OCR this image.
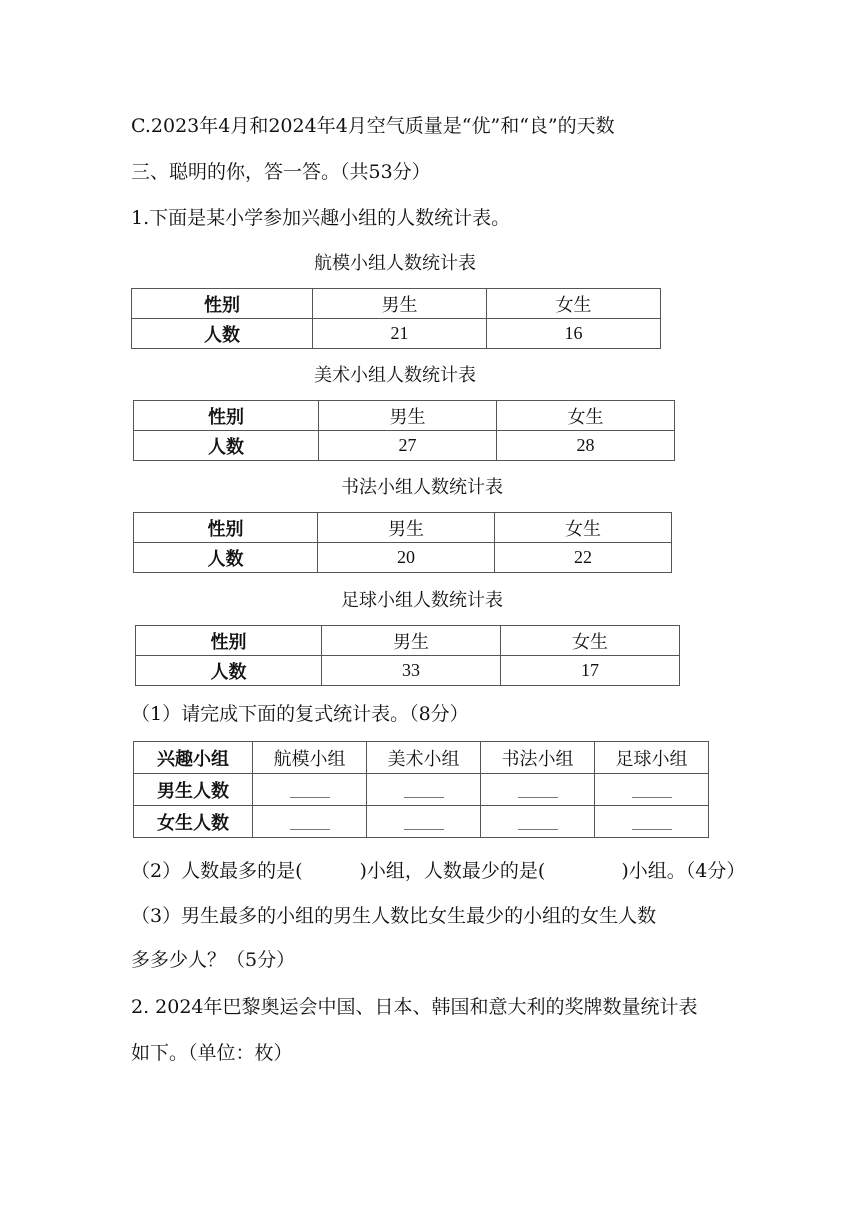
C.2023年4月和2024年4月空气质量是“优”和“良”的天数
三、聪明的你，答一答。（共53分）
1.下面是某小学参加兴趣小组的人数统计表。
航模小组人数统计表
性别	男生	女生
人数	21	16
美术小组人数统计表
性别	男生	女生
人数	27	28
书法小组人数统计表
性别	男生	女生
人数	20	22
足球小组人数统计表
性别	男生	女生
人数	33	17
（1）请完成下面的复式统计表。（8分）
兴趣小组	航模小组	美术小组	书法小组	足球小组
男生人数				
女生人数				
（2）人数最多的是(　　　)小组，人数最少的是(　　　　)小组。（4分）
（3）男生最多的小组的男生人数比女生最少的小组的女生人数
多多少人？（5分）
2. 2024年巴黎奥运会中国、日本、韩国和意大利的奖牌数量统计表
如下。（单位：枚）
